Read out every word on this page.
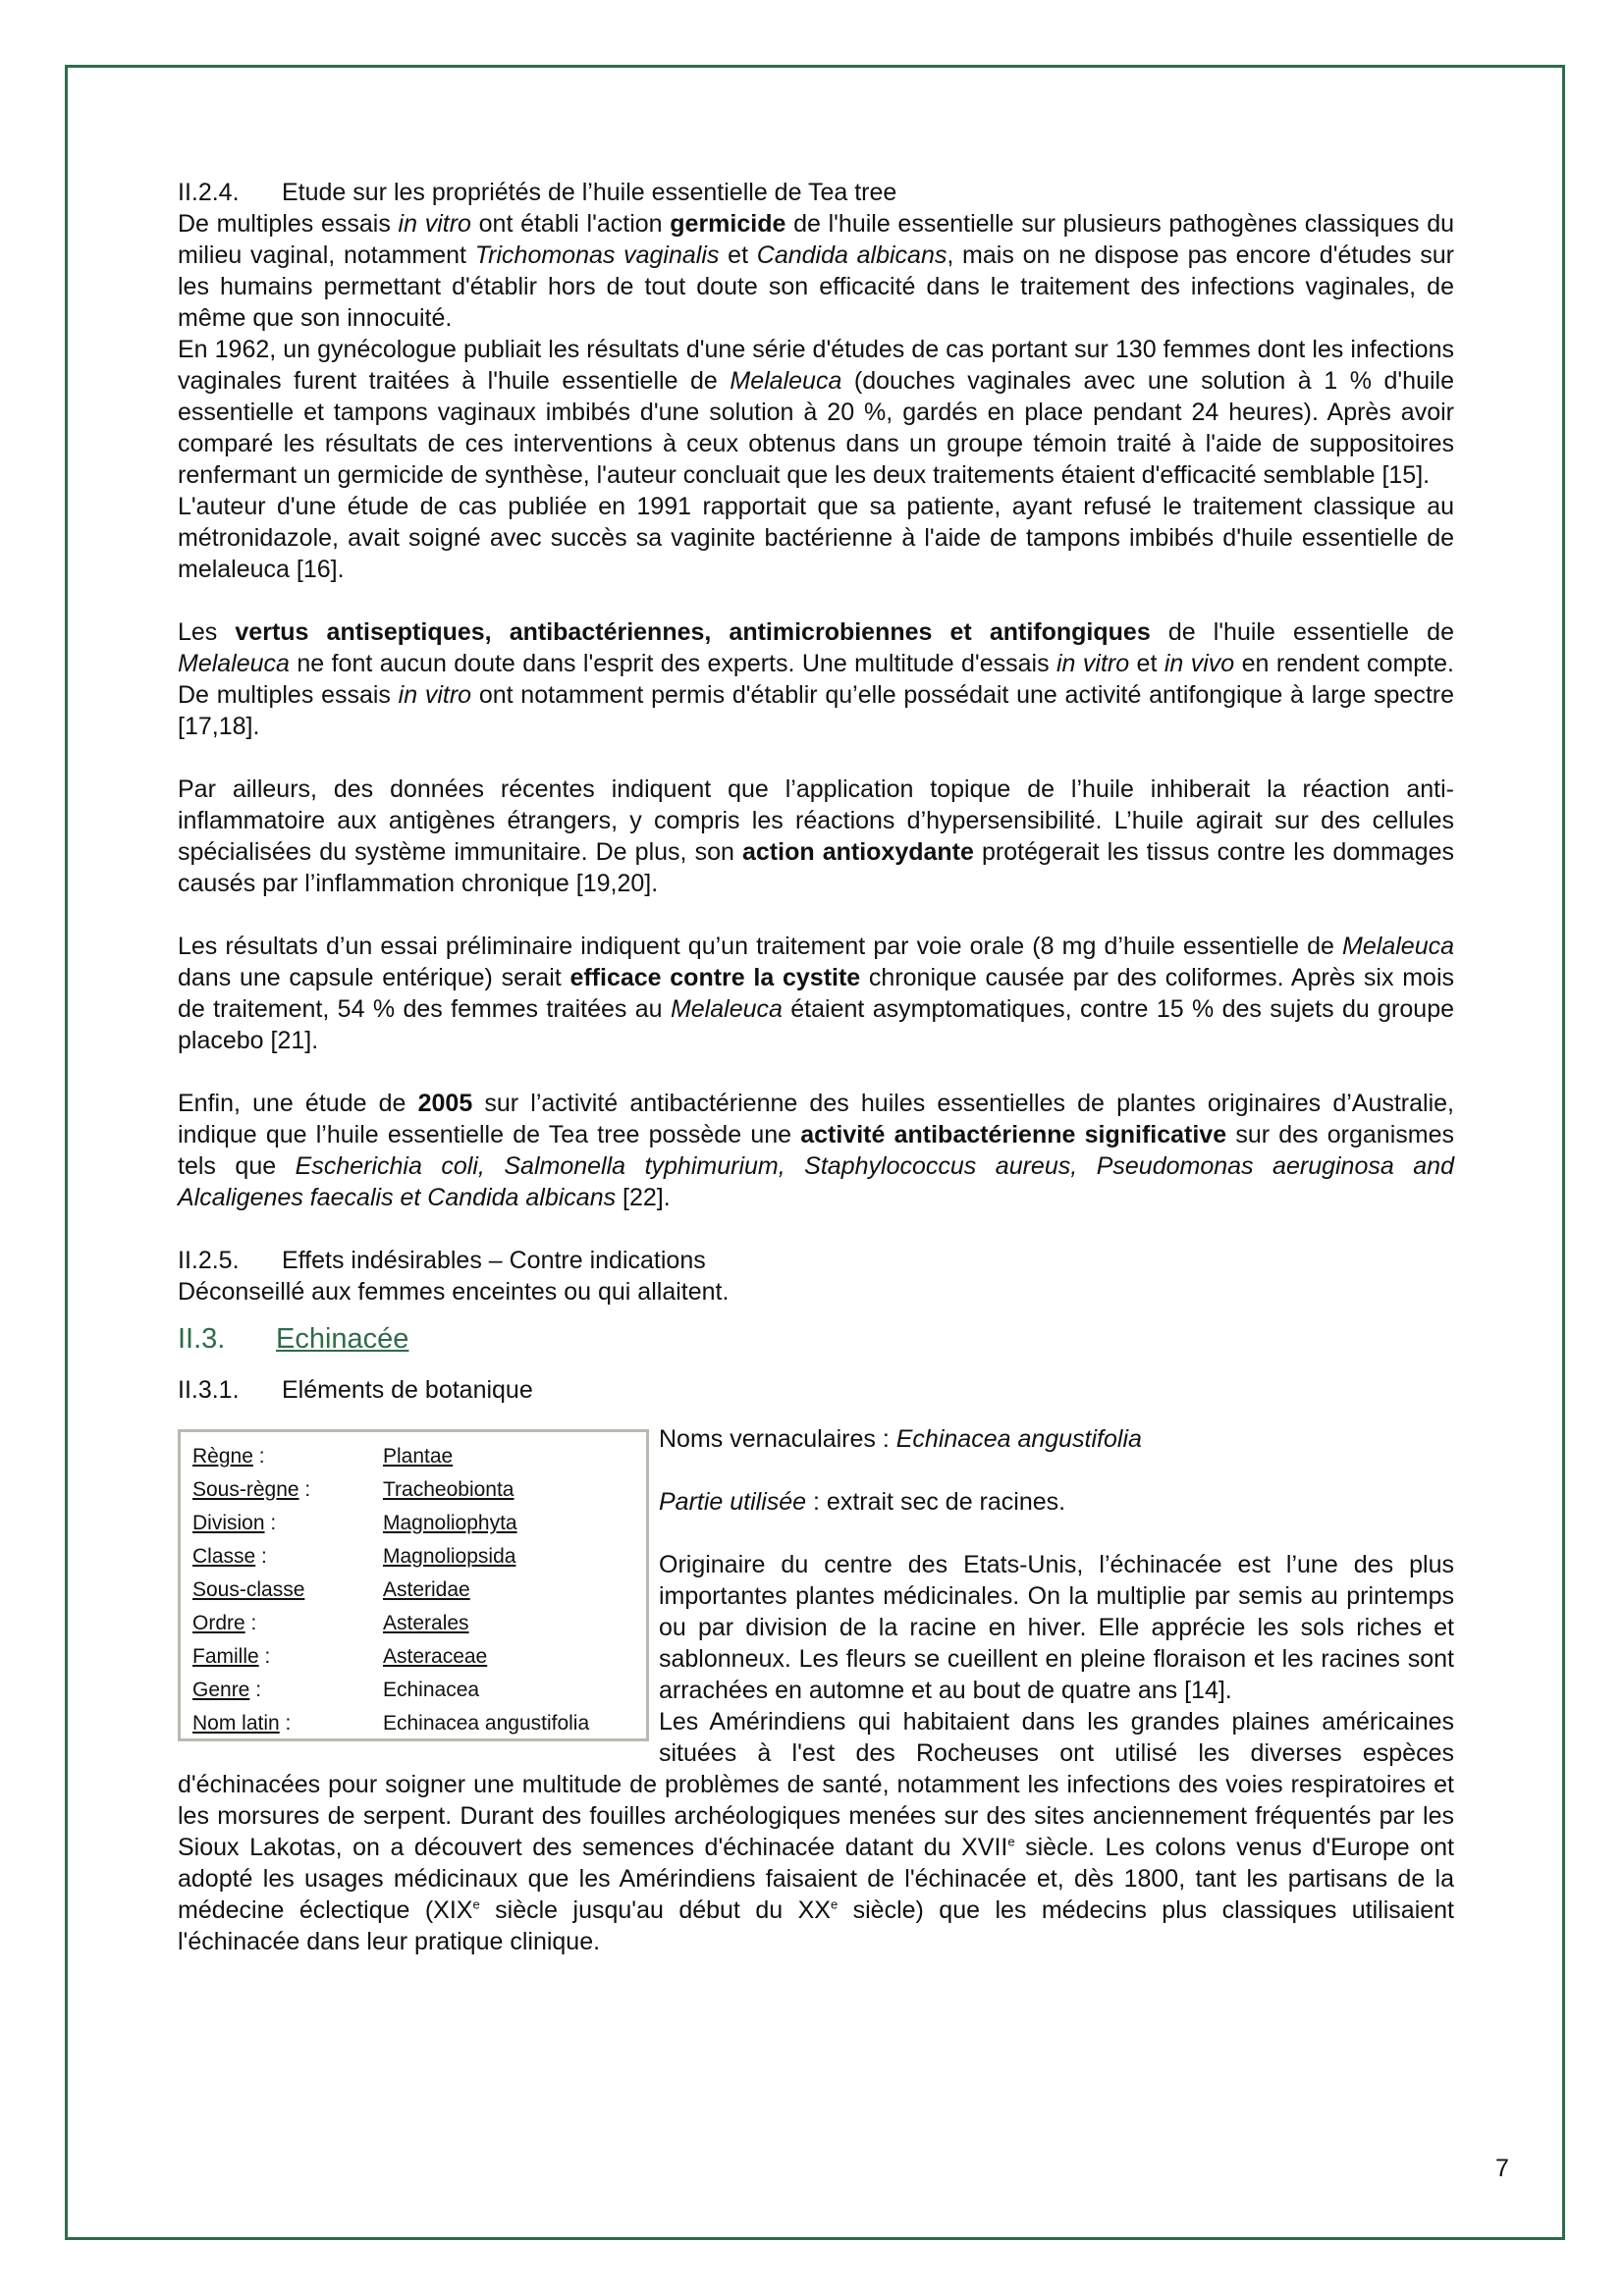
II.2.4. Etude sur les propriétés de l’huile essentielle de Tea tree

De multiples essais in vitro ont établi l'action germicide de l'huile essentielle sur plusieurs pathogènes classiques du milieu vaginal, notamment Trichomonas vaginalis et Candida albicans, mais on ne dispose pas encore d'études sur les humains permettant d'établir hors de tout doute son efficacité dans le traitement des infections vaginales, de même que son innocuité.

En 1962, un gynécologue publiait les résultats d'une série d'études de cas portant sur 130 femmes dont les infections vaginales furent traitées à l'huile essentielle de Melaleuca (douches vaginales avec une solution à 1 % d'huile essentielle et tampons vaginaux imbibés d'une solution à 20 %, gardés en place pendant 24 heures). Après avoir comparé les résultats de ces interventions à ceux obtenus dans un groupe témoin traité à l'aide de suppositoires renfermant un germicide de synthèse, l'auteur concluait que les deux traitements étaient d'efficacité semblable [15].

L'auteur d'une étude de cas publiée en 1991 rapportait que sa patiente, ayant refusé le traitement classique au métronidazole, avait soigné avec succès sa vaginite bactérienne à l'aide de tampons imbibés d'huile essentielle de melaleuca [16].

Les vertus antiseptiques, antibactériennes, antimicrobiennes et antifongiques de l'huile essentielle de Melaleuca ne font aucun doute dans l'esprit des experts. Une multitude d'essais in vitro et in vivo en rendent compte. De multiples essais in vitro ont notamment permis d'établir qu’elle possédait une activité antifongique à large spectre [17,18].

Par ailleurs, des données récentes indiquent que l’application topique de l’huile inhiberait la réaction anti-inflammatoire aux antigènes étrangers, y compris les réactions d’hypersensibilité. L’huile agirait sur des cellules spécialisées du système immunitaire. De plus, son action antioxydante protégerait les tissus contre les dommages causés par l’inflammation chronique [19,20].

Les résultats d’un essai préliminaire indiquent qu’un traitement par voie orale (8 mg d’huile essentielle de Melaleuca dans une capsule entérique) serait efficace contre la cystite chronique causée par des coliformes. Après six mois de traitement, 54 % des femmes traitées au Melaleuca étaient asymptomatiques, contre 15 % des sujets du groupe placebo [21].

Enfin, une étude de 2005 sur l’activité antibactérienne des huiles essentielles de plantes originaires d’Australie, indique que l’huile essentielle de Tea tree possède une activité antibactérienne significative sur des organismes tels que Escherichia coli, Salmonella typhimurium, Staphylococcus aureus, Pseudomonas aeruginosa and Alcaligenes faecalis et Candida albicans [22].

II.2.5. Effets indésirables – Contre indications

Déconseillé aux femmes enceintes ou qui allaitent.

II.3. Echinacée

II.3.1. Eléments de botanique

Règne :	Plantae
Sous-règne :	Tracheobionta
Division :	Magnoliophyta
Classe :	Magnoliopsida
Sous-classe	Asteridae
Ordre :	Asterales
Famille :	Asteraceae
Genre :	Echinacea
Nom latin :	Echinacea angustifolia

Noms vernaculaires : Echinacea angustifolia

Partie utilisée : extrait sec de racines.

Originaire du centre des Etats-Unis, l’échinacée est l’une des plus importantes plantes médicinales. On la multiplie par semis au printemps ou par division de la racine en hiver. Elle apprécie les sols riches et sablonneux. Les fleurs se cueillent en pleine floraison et les racines sont arrachées en automne et au bout de quatre ans [14].

Les Amérindiens qui habitaient dans les grandes plaines américaines situées à l'est des Rocheuses ont utilisé les diverses espèces d'échinacées pour soigner une multitude de problèmes de santé, notamment les infections des voies respiratoires et les morsures de serpent. Durant des fouilles archéologiques menées sur des sites anciennement fréquentés par les Sioux Lakotas, on a découvert des semences d'échinacée datant du XVIIe siècle. Les colons venus d'Europe ont adopté les usages médicinaux que les Amérindiens faisaient de l'échinacée et, dès 1800, tant les partisans de la médecine éclectique (XIXe siècle jusqu'au début du XXe siècle) que les médecins plus classiques utilisaient l'échinacée dans leur pratique clinique.

7
